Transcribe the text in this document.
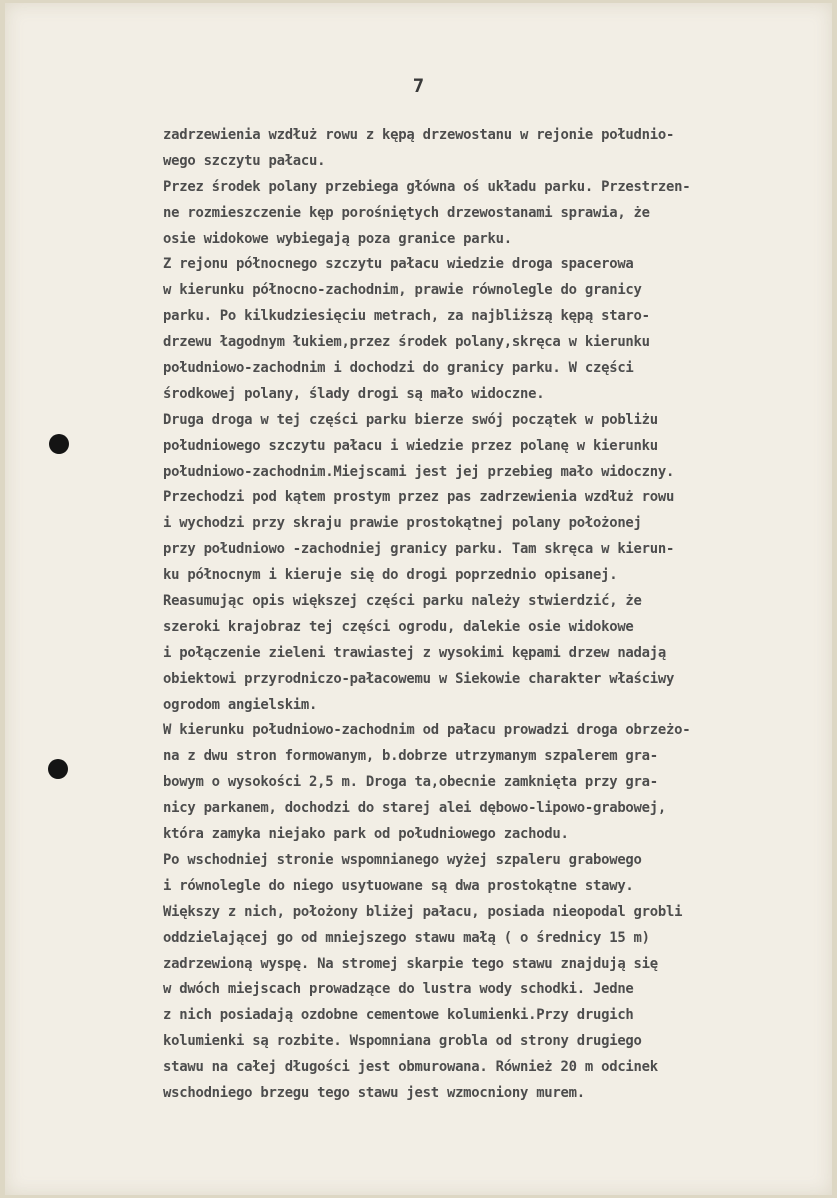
7
zadrzewienia wzdłuż rowu z kępą drzewostanu w rejonie południo-
wego szczytu pałacu.
Przez środek polany przebiega główna oś układu parku. Przestrzen-
ne rozmieszczenie kęp porośniętych drzewostanami sprawia, że
osie widokowe wybiegają poza granice parku.
Z rejonu północnego szczytu pałacu wiedzie droga spacerowa
w kierunku północno-zachodnim, prawie równolegle do granicy
parku. Po kilkudziesięciu metrach, za najbliższą kępą staro-
drzewu łagodnym łukiem,przez środek polany,skręca w kierunku
południowo-zachodnim i dochodzi do granicy parku. W części
środkowej polany, ślady drogi są mało widoczne.
Druga droga w tej części parku bierze swój początek w pobliżu
południowego szczytu pałacu i wiedzie przez polanę w kierunku
południowo-zachodnim.Miejscami jest jej przebieg mało widoczny.
Przechodzi pod kątem prostym przez pas zadrzewienia wzdłuż rowu
i wychodzi przy skraju prawie prostokątnej polany położonej
przy południowo -zachodniej granicy parku. Tam skręca w kierun-
ku północnym i kieruje się do drogi poprzednio opisanej.
Reasumując opis większej części parku należy stwierdzić, że
szeroki krajobraz tej części ogrodu, dalekie osie widokowe
i połączenie zieleni trawiastej z wysokimi kępami drzew nadają
obiektowi przyrodniczo-pałacowemu w Siekowie charakter właściwy
ogrodom angielskim.
W kierunku południowo-zachodnim od pałacu prowadzi droga obrzeżo-
na z dwu stron formowanym, b.dobrze utrzymanym szpalerem gra-
bowym o wysokości 2,5 m. Droga ta,obecnie zamknięta przy gra-
nicy parkanem, dochodzi do starej alei dębowo-lipowo-grabowej,
która zamyka niejako park od południowego zachodu.
Po wschodniej stronie wspomnianego wyżej szpaleru grabowego
i równolegle do niego usytuowane są dwa prostokątne stawy.
Większy z nich, położony bliżej pałacu, posiada nieopodal grobli
oddzielającej go od mniejszego stawu małą ( o średnicy 15 m)
zadrzewioną wyspę. Na stromej skarpie tego stawu znajdują się
w dwóch miejscach prowadzące do lustra wody schodki. Jedne
z nich posiadają ozdobne cementowe kolumienki.Przy drugich
kolumienki są rozbite. Wspomniana grobla od strony drugiego
stawu na całej długości jest obmurowana. Również 20 m odcinek
wschodniego brzegu tego stawu jest wzmocniony murem.
